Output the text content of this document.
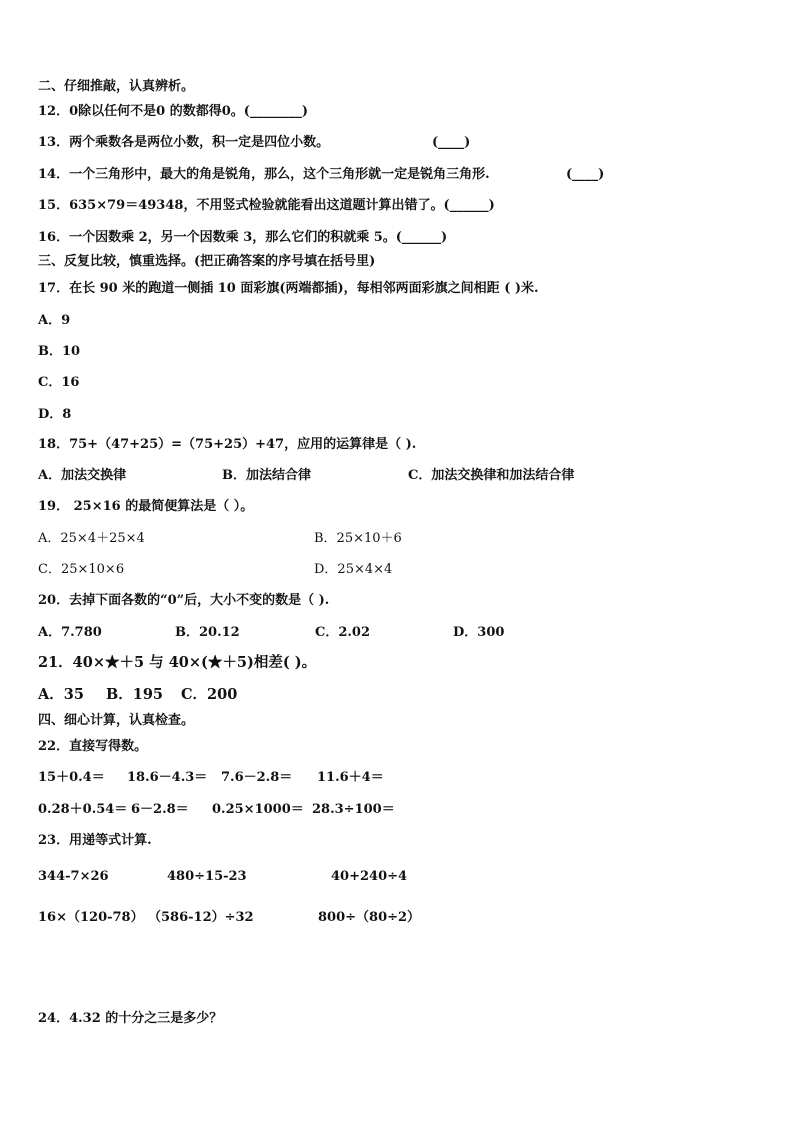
二、仔细推敲，认真辨析。
12．0除以任何不是0 的数都得0。(________)
13．两个乘数各是两位小数，积一定是四位小数。	(____)
14．一个三角形中，最大的角是锐角，那么，这个三角形就一定是锐角三角形.	(____)
15．635×79＝49348，不用竖式检验就能看出这道题计算出错了。(______)
16．一个因数乘 2，另一个因数乘 3，那么它们的积就乘 5。(______)
三、反复比较，慎重选择。(把正确答案的序号填在括号里)
17．在长 90 米的跑道一侧插 10 面彩旗(两端都插)，每相邻两面彩旗之间相距 ( )米.
A．9
B．10
C．16
D．8
18．75+（47+25）=（75+25）+47，应用的运算律是（ ).
A．加法交换律	B．加法结合律	C．加法交换律和加法结合律
19． 25×16 的最简便算法是（ ）。
A．25×4＋25×4	B．25×10＋6
C．25×10×6	D．25×4×4
20．去掉下面各数的“0”后，大小不变的数是（ ).
A．7.780	B．20.12	C．2.02	D．300
21．40×★＋5 与 40×(★＋5)相差( )。
A．35 B．195 C．200
四、细心计算，认真检查。
22．直接写得数。
15＋0.4＝ 18.6－4.3＝ 7.6－2.8＝ 11.6＋4＝
0.28＋0.54＝ 6－2.8＝ 0.25×1000＝ 28.3÷100＝
23．用递等式计算.
344-7×26	480÷15-23	40+240÷4
16×（120-78） （586-12）÷32	800÷（80÷2）
24．4.32 的十分之三是多少？
